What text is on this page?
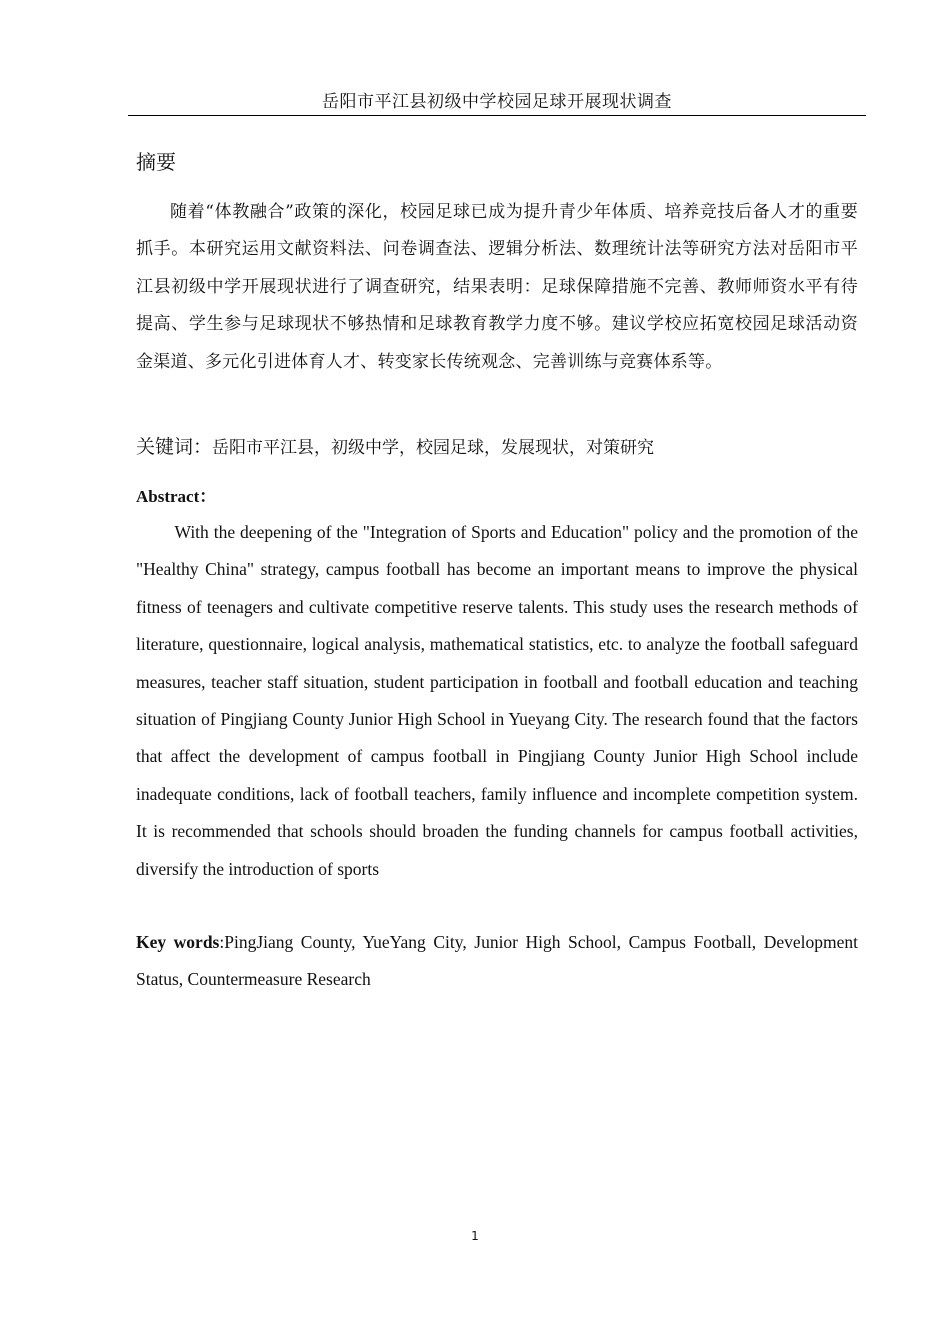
岳阳市平江县初级中学校园足球开展现状调查
摘要

随着“体教融合”政策的深化，校园足球已成为提升青少年体质、培养竞技后备人才的重要抓手。本研究运用文献资料法、问卷调查法、逻辑分析法、数理统计法等研究方法对岳阳市平江县初级中学开展现状进行了调查研究，结果表明：足球保障措施不完善、教师师资水平有待提高、学生参与足球现状不够热情和足球教育教学力度不够。建议学校应拓宽校园足球活动资金渠道、多元化引进体育人才、转变家长传统观念、完善训练与竞赛体系等。

关键词：岳阳市平江县，初级中学，校园足球，发展现状，对策研究
Abstract：

With the deepening of the "Integration of Sports and Education" policy and the promotion of the "Healthy China" strategy, campus football has become an important means to improve the physical fitness of teenagers and cultivate competitive reserve talents. This study uses the research methods of literature, questionnaire, logical analysis, mathematical statistics, etc. to analyze the football safeguard measures, teacher staff situation, student participation in football and football education and teaching situation of Pingjiang County Junior High School in Yueyang City. The research found that the factors that affect the development of campus football in Pingjiang County Junior High School include inadequate conditions, lack of football teachers, family influence and incomplete competition system. It is recommended that schools should broaden the funding channels for campus football activities, diversify the introduction of sports

Key words:PingJiang County, YueYang City, Junior High School, Campus Football, Development Status, Countermeasure Research

1
